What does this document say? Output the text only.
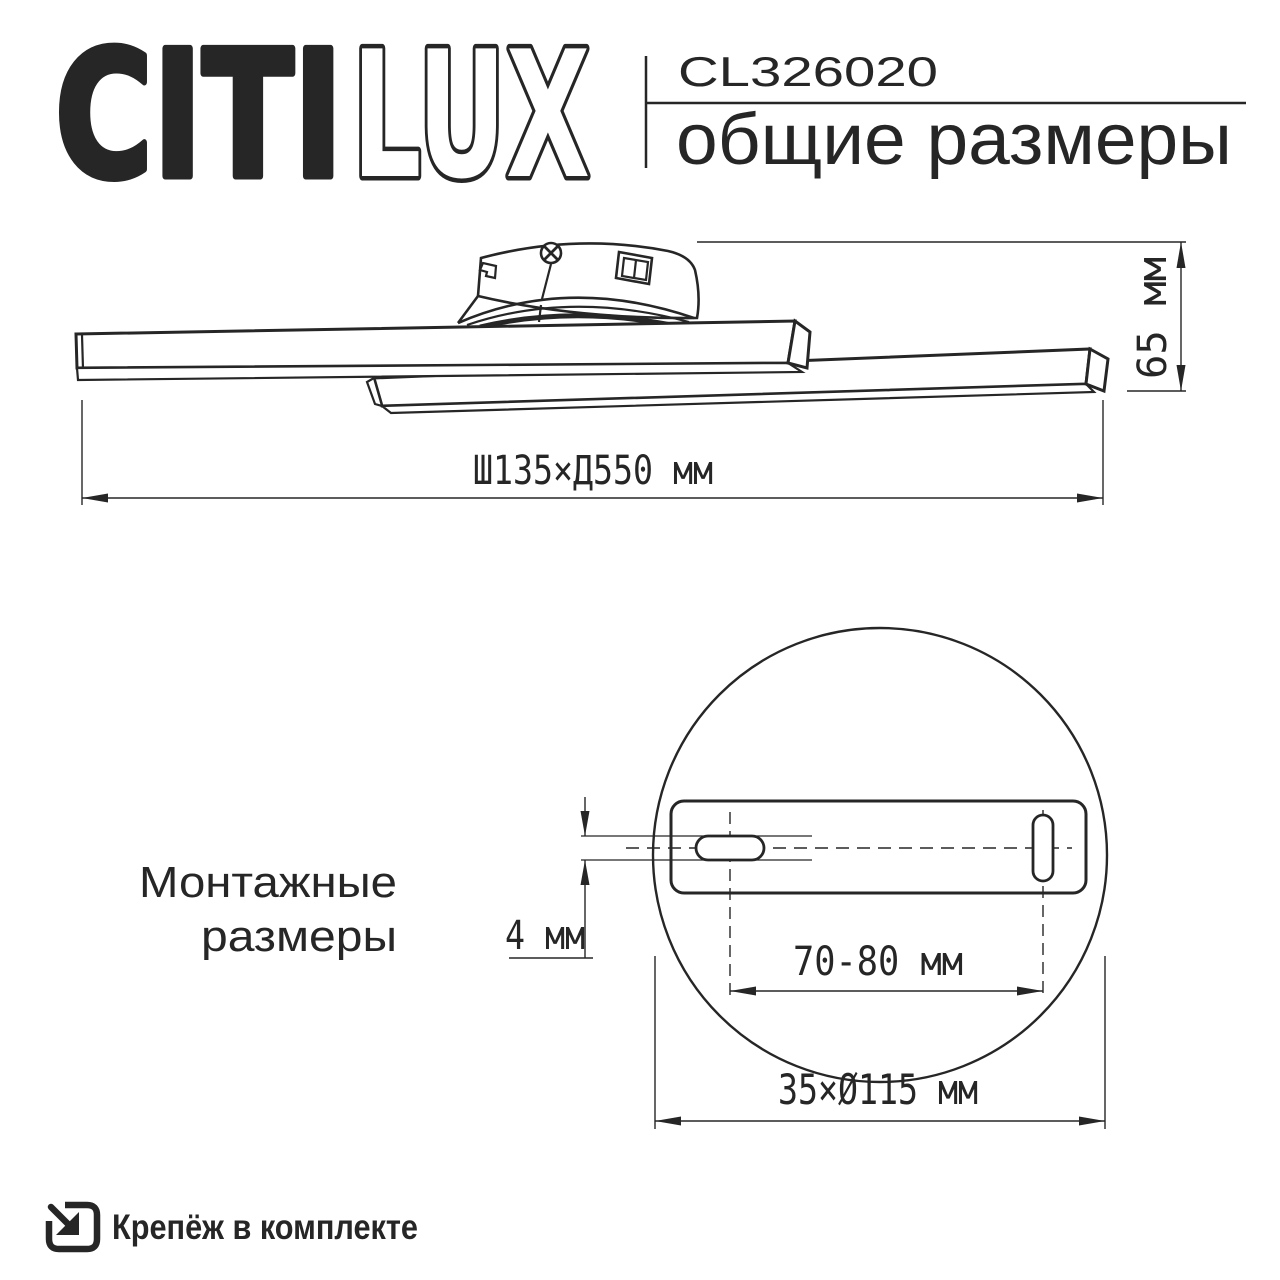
CITI LUX CL326020
общие размеры
65 мм
Ш135×Д550 мм
Монтажные
размеры	4 мм
70-80 мм
35×Ø115 мм
Крепёж в комплекте
